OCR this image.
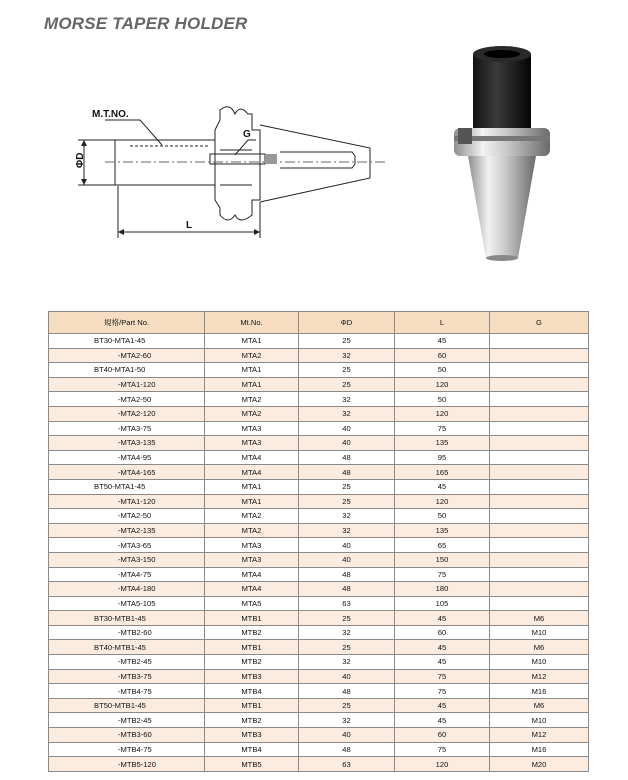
MORSE TAPER HOLDER
M.T.NO.
G
ΦD
L
規格/Part No.	Mt.No.	ΦD	L	G
BT30-MTA1-45	MTA1	25	45	
-MTA2-60	MTA2	32	60	
BT40-MTA1-50	MTA1	25	50	
-MTA1-120	MTA1	25	120	
-MTA2-50	MTA2	32	50	
-MTA2-120	MTA2	32	120	
-MTA3-75	MTA3	40	75	
-MTA3-135	MTA3	40	135	
-MTA4-95	MTA4	48	95	
-MTA4-165	MTA4	48	165	
BT50-MTA1-45	MTA1	25	45	
-MTA1-120	MTA1	25	120	
-MTA2-50	MTA2	32	50	
-MTA2-135	MTA2	32	135	
-MTA3-65	MTA3	40	65	
-MTA3-150	MTA3	40	150	
-MTA4-75	MTA4	48	75	
-MTA4-180	MTA4	48	180	
-MTA5-105	MTA5	63	105	
BT30-MTB1-45	MTB1	25	45	M6
-MTB2-60	MTB2	32	60	M10
BT40-MTB1-45	MTB1	25	45	M6
-MTB2-45	MTB2	32	45	M10
-MTB3-75	MTB3	40	75	M12
-MTB4-75	MTB4	48	75	M16
BT50-MTB1-45	MTB1	25	45	M6
-MTB2-45	MTB2	32	45	M10
-MTB3-60	MTB3	40	60	M12
-MTB4-75	MTB4	48	75	M16
-MTB5-120	MTB5	63	120	M20
